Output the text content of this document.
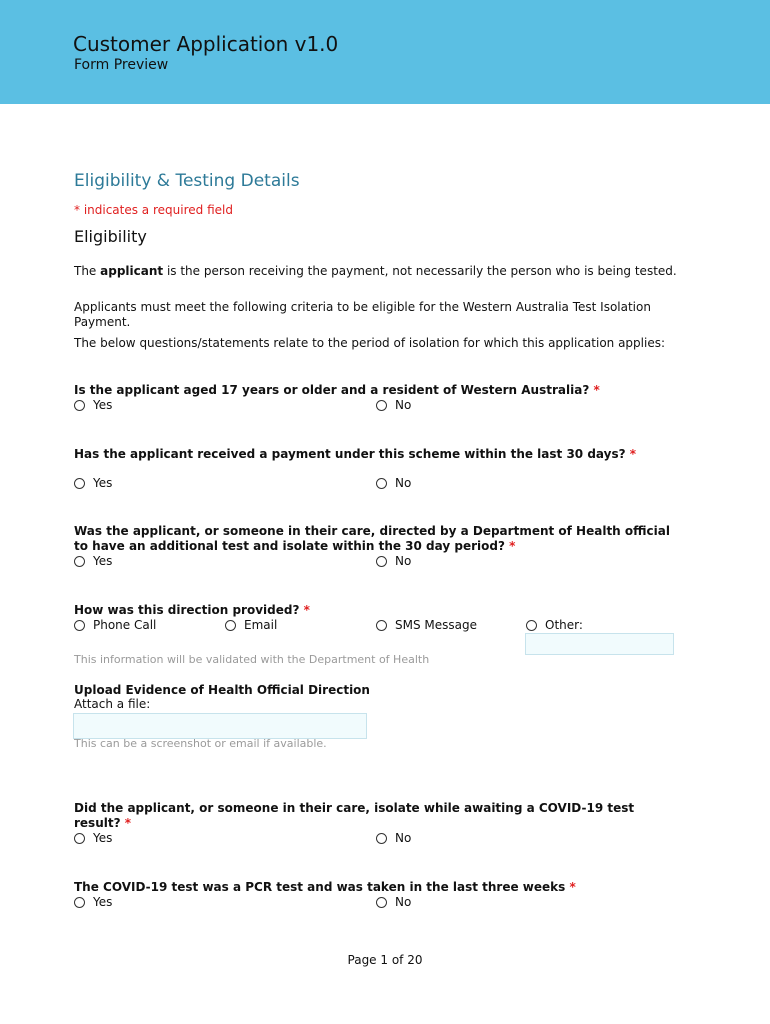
Customer Application v1.0
Form Preview
Eligibility & Testing Details
* indicates a required field
Eligibility
The applicant is the person receiving the payment, not necessarily the person who is being tested.
Applicants must meet the following criteria to be eligible for the Western Australia Test Isolation Payment.
The below questions/statements relate to the period of isolation for which this application applies:
Is the applicant aged 17 years or older and a resident of Western Australia? *
Yes	No
Has the applicant received a payment under this scheme within the last 30 days? *
Yes	No
Was the applicant, or someone in their care, directed by a Department of Health official to have an additional test and isolate within the 30 day period? *
Yes	No
How was this direction provided? *
Phone Call	Email	SMS Message	Other:
This information will be validated with the Department of Health
Upload Evidence of Health Official Direction
Attach a file:
This can be a screenshot or email if available.
Did the applicant, or someone in their care, isolate while awaiting a COVID-19 test result? *
Yes	No
The COVID-19 test was a PCR test and was taken in the last three weeks *
Yes	No
Page 1 of 20
